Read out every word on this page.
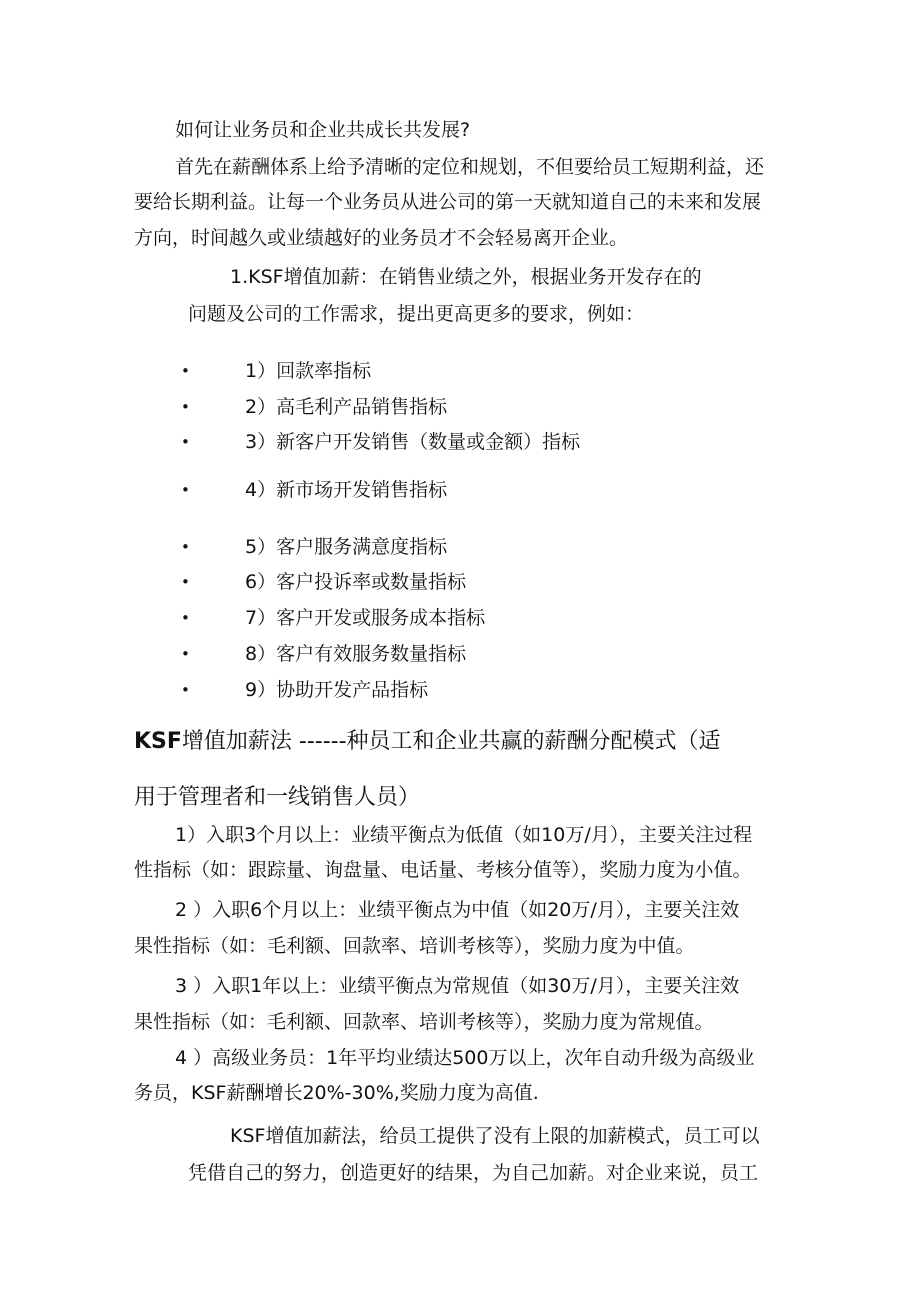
如何让业务员和企业共成长共发展?
首先在薪酬体系上给予清晰的定位和规划，不但要给员工短期利益，还
要给长期利益。让每一个业务员从进公司的第一天就知道自己的未来和发展
方向，时间越久或业绩越好的业务员才不会轻易离开企业。
1.KSF增值加薪：在销售业绩之外，根据业务开发存在的
问题及公司的工作需求，提出更高更多的要求，例如：
•	1）回款率指标
•	2）高毛利产品销售指标
•	3）新客户开发销售（数量或金额）指标
•	4）新市场开发销售指标
•	5）客户服务满意度指标
•	6）客户投诉率或数量指标
•	7）客户开发或服务成本指标
•	8）客户有效服务数量指标
•	9）协助开发产品指标
KSF增值加薪法 ------种员工和企业共赢的薪酬分配模式（适
用于管理者和一线销售人员）
1）入职3个月以上：业绩平衡点为低值（如10万/月），主要关注过程
性指标（如：跟踪量、询盘量、电话量、考核分值等），奖励力度为小值。
2 ）入职6个月以上：业绩平衡点为中值（如20万/月），主要关注效
果性指标（如：毛利额、回款率、培训考核等），奖励力度为中值。
3 ）入职1年以上：业绩平衡点为常规值（如30万/月），主要关注效
果性指标（如：毛利额、回款率、培训考核等），奖励力度为常规值。
4 ）高级业务员：1年平均业绩达500万以上，次年自动升级为高级业
务员，KSF薪酬增长20%-30%,奖励力度为高值.
KSF增值加薪法，给员工提供了没有上限的加薪模式，员工可以
凭借自己的努力，创造更好的结果，为自己加薪。对企业来说，员工
